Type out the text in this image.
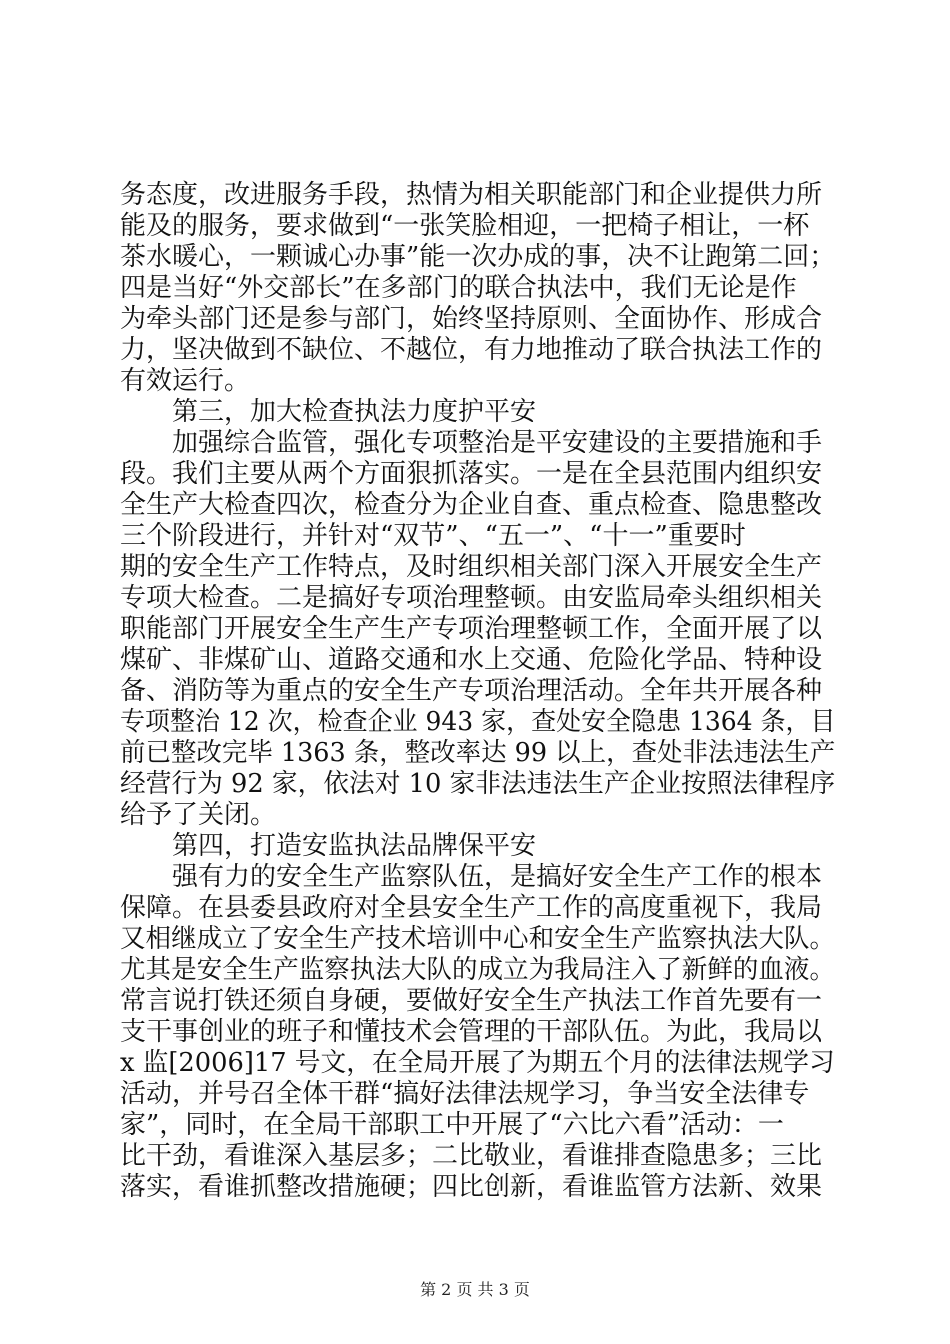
务态度，改进服务手段，热情为相关职能部门和企业提供力所
能及的服务，要求做到“一张笑脸相迎，一把椅子相让，一杯
茶水暖心，一颗诚心办事”能一次办成的事，决不让跑第二回；
四是当好“外交部长”在多部门的联合执法中，我们无论是作
为牵头部门还是参与部门，始终坚持原则、全面协作、形成合
力，坚决做到不缺位、不越位，有力地推动了联合执法工作的
有效运行。
第三，加大检查执法力度护平安
加强综合监管，强化专项整治是平安建设的主要措施和手
段。我们主要从两个方面狠抓落实。一是在全县范围内组织安
全生产大检查四次，检查分为企业自查、重点检查、隐患整改
三个阶段进行，并针对“双节”、“五一”、“十一”重要时
期的安全生产工作特点，及时组织相关部门深入开展安全生产
专项大检查。二是搞好专项治理整顿。由安监局牵头组织相关
职能部门开展安全生产生产专项治理整顿工作，全面开展了以
煤矿、非煤矿山、道路交通和水上交通、危险化学品、特种设
备、消防等为重点的安全生产专项治理活动。全年共开展各种
专项整治 12 次，检查企业 943 家，查处安全隐患 1364 条，目
前已整改完毕 1363 条，整改率达 99 以上，查处非法违法生产
经营行为 92 家，依法对 10 家非法违法生产企业按照法律程序
给予了关闭。
第四，打造安监执法品牌保平安
强有力的安全生产监察队伍，是搞好安全生产工作的根本
保障。在县委县政府对全县安全生产工作的高度重视下，我局
又相继成立了安全生产技术培训中心和安全生产监察执法大队。
尤其是安全生产监察执法大队的成立为我局注入了新鲜的血液。
常言说打铁还须自身硬，要做好安全生产执法工作首先要有一
支干事创业的班子和懂技术会管理的干部队伍。为此，我局以
x 监[2006]17 号文，在全局开展了为期五个月的法律法规学习
活动，并号召全体干群“搞好法律法规学习，争当安全法律专
家”，同时，在全局干部职工中开展了“六比六看”活动：一
比干劲，看谁深入基层多；二比敬业，看谁排查隐患多；三比
落实，看谁抓整改措施硬；四比创新，看谁监管方法新、效果
第 2 页 共 3 页
